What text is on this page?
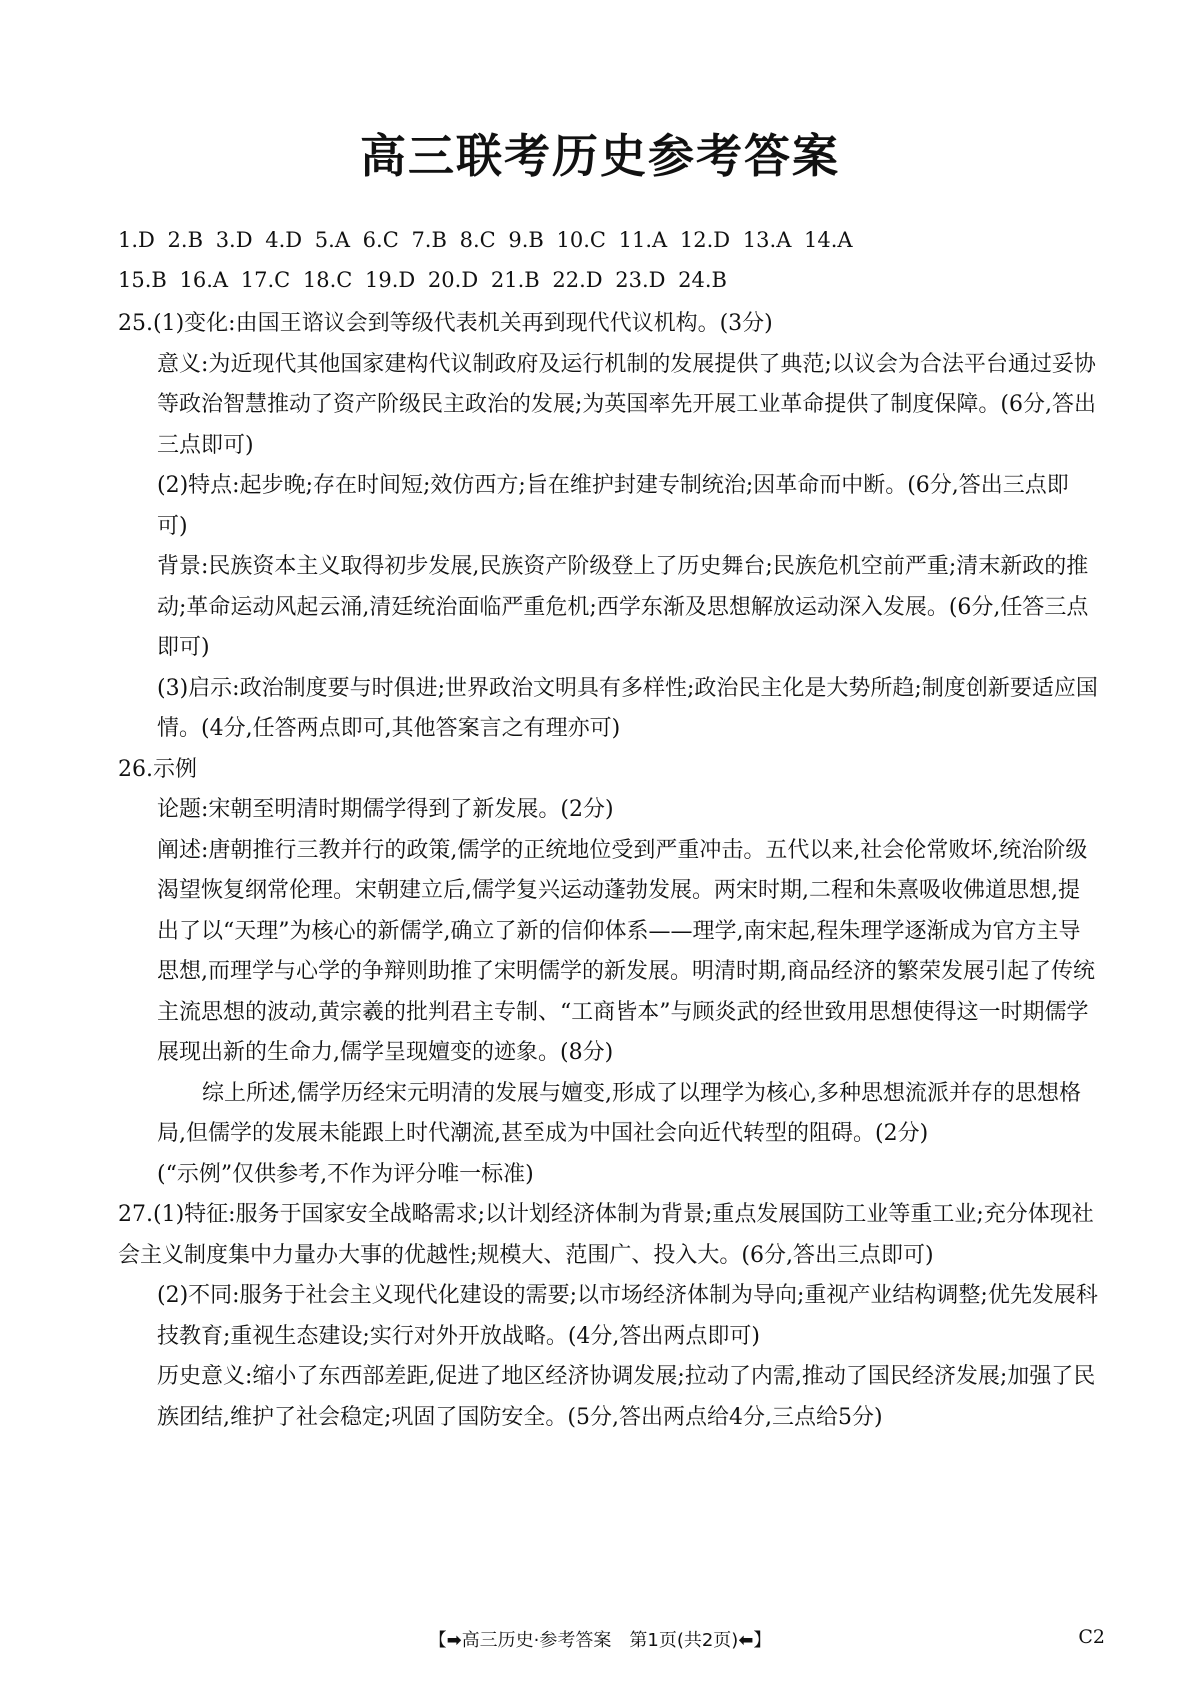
高三联考历史参考答案
1.D 2.B 3.D 4.D 5.A 6.C 7.B 8.C 9.B 10.C 11.A 12.D 13.A 14.A
15.B 16.A 17.C 18.C 19.D 20.D 21.B 22.D 23.D 24.B

25.(1)变化:由国王谘议会到等级代表机关再到现代代议机构。(3分)

意义:为近现代其他国家建构代议制政府及运行机制的发展提供了典范;以议会为合法平台通过妥协等政治智慧推动了资产阶级民主政治的发展;为英国率先开展工业革命提供了制度保障。(6分,答出三点即可)

(2)特点:起步晚;存在时间短;效仿西方;旨在维护封建专制统治;因革命而中断。(6分,答出三点即可)

背景:民族资本主义取得初步发展,民族资产阶级登上了历史舞台;民族危机空前严重;清末新政的推动;革命运动风起云涌,清廷统治面临严重危机;西学东渐及思想解放运动深入发展。(6分,任答三点即可)

(3)启示:政治制度要与时俱进;世界政治文明具有多样性;政治民主化是大势所趋;制度创新要适应国情。(4分,任答两点即可,其他答案言之有理亦可)

26.示例

论题:宋朝至明清时期儒学得到了新发展。(2分)

阐述:唐朝推行三教并行的政策,儒学的正统地位受到严重冲击。五代以来,社会伦常败坏,统治阶级渴望恢复纲常伦理。宋朝建立后,儒学复兴运动蓬勃发展。两宋时期,二程和朱熹吸收佛道思想,提出了以“天理”为核心的新儒学,确立了新的信仰体系——理学,南宋起,程朱理学逐渐成为官方主导思想,而理学与心学的争辩则助推了宋明儒学的新发展。明清时期,商品经济的繁荣发展引起了传统主流思想的波动,黄宗羲的批判君主专制、“工商皆本”与顾炎武的经世致用思想使得这一时期儒学展现出新的生命力,儒学呈现嬗变的迹象。(8分)

综上所述,儒学历经宋元明清的发展与嬗变,形成了以理学为核心,多种思想流派并存的思想格局,但儒学的发展未能跟上时代潮流,甚至成为中国社会向近代转型的阻碍。(2分)

(“示例”仅供参考,不作为评分唯一标准)

27.(1)特征:服务于国家安全战略需求;以计划经济体制为背景;重点发展国防工业等重工业;充分体现社会主义制度集中力量办大事的优越性;规模大、范围广、投入大。(6分,答出三点即可)

(2)不同:服务于社会主义现代化建设的需要;以市场经济体制为导向;重视产业结构调整;优先发展科技教育;重视生态建设;实行对外开放战略。(4分,答出两点即可)

历史意义:缩小了东西部差距,促进了地区经济协调发展;拉动了内需,推动了国民经济发展;加强了民族团结,维护了社会稳定;巩固了国防安全。(5分,答出两点给4分,三点给5分)

【➡高三历史·参考答案　第1页(共2页)⬅】	C2
